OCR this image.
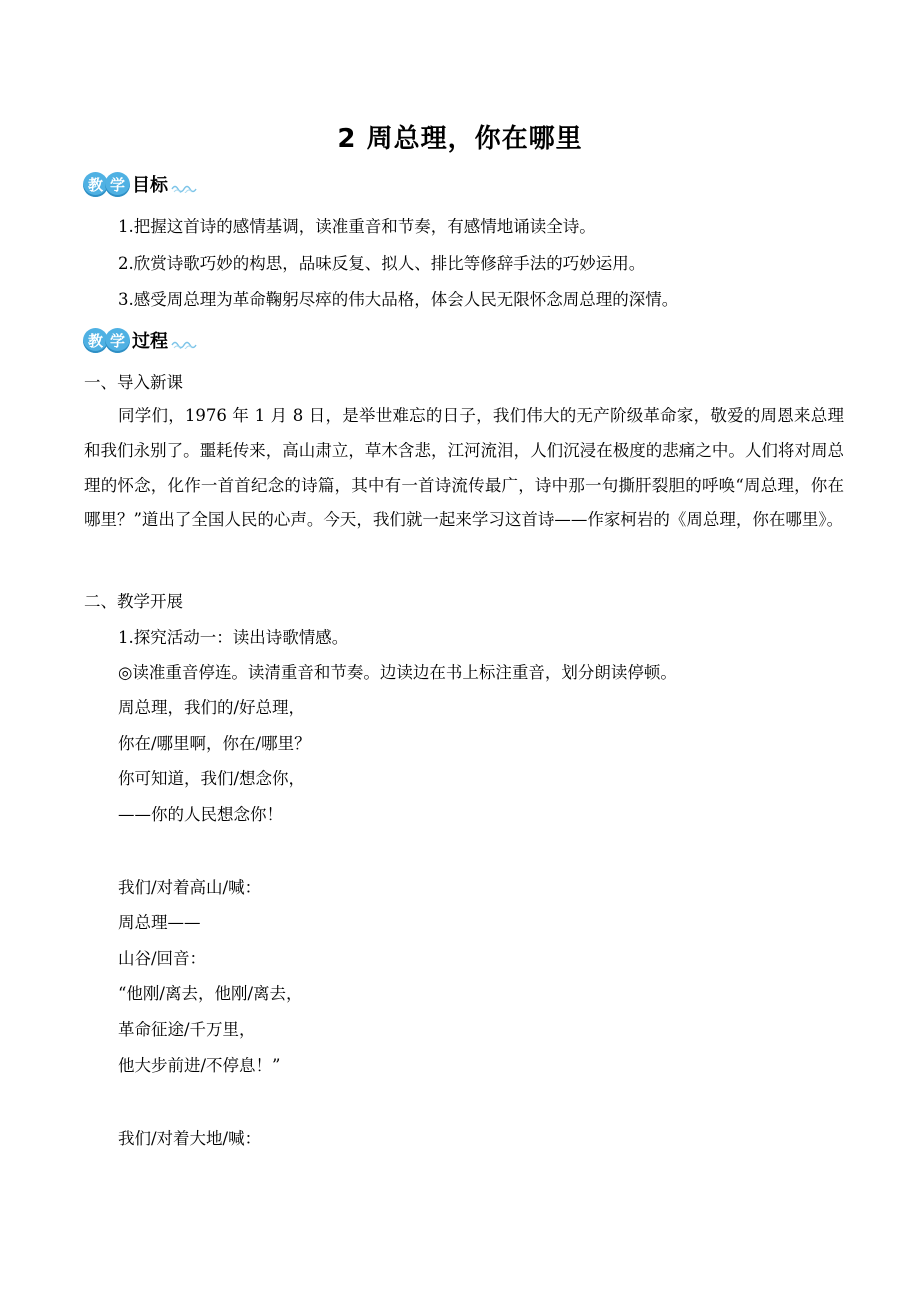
2 周总理，你在哪里
教 学 目标
1.把握这首诗的感情基调，读准重音和节奏，有感情地诵读全诗。
2.欣赏诗歌巧妙的构思，品味反复、拟人、排比等修辞手法的巧妙运用。
3.感受周总理为革命鞠躬尽瘁的伟大品格，体会人民无限怀念周总理的深情。
教 学 过程
一、导入新课
同学们，1976 年 1 月 8 日，是举世难忘的日子，我们伟大的无产阶级革命家，敬爱的周恩来总理和我们永别了。噩耗传来，高山肃立，草木含悲，江河流泪，人们沉浸在极度的悲痛之中。人们将对周总理的怀念，化作一首首纪念的诗篇，其中有一首诗流传最广，诗中那一句撕肝裂胆的呼唤“周总理，你在哪里？”道出了全国人民的心声。今天，我们就一起来学习这首诗——作家柯岩的《周总理，你在哪里》。
二、教学开展
1.探究活动一：读出诗歌情感。
◎读准重音停连。读清重音和节奏。边读边在书上标注重音，划分朗读停顿。
周总理，我们的/好总理，
你在/哪里啊，你在/哪里？
你可知道，我们/想念你，
——你的人民想念你！
我们/对着高山/喊：
周总理——
山谷/回音：
“他刚/离去，他刚/离去，
革命征途/千万里，
他大步前进/不停息！”
我们/对着大地/喊：
